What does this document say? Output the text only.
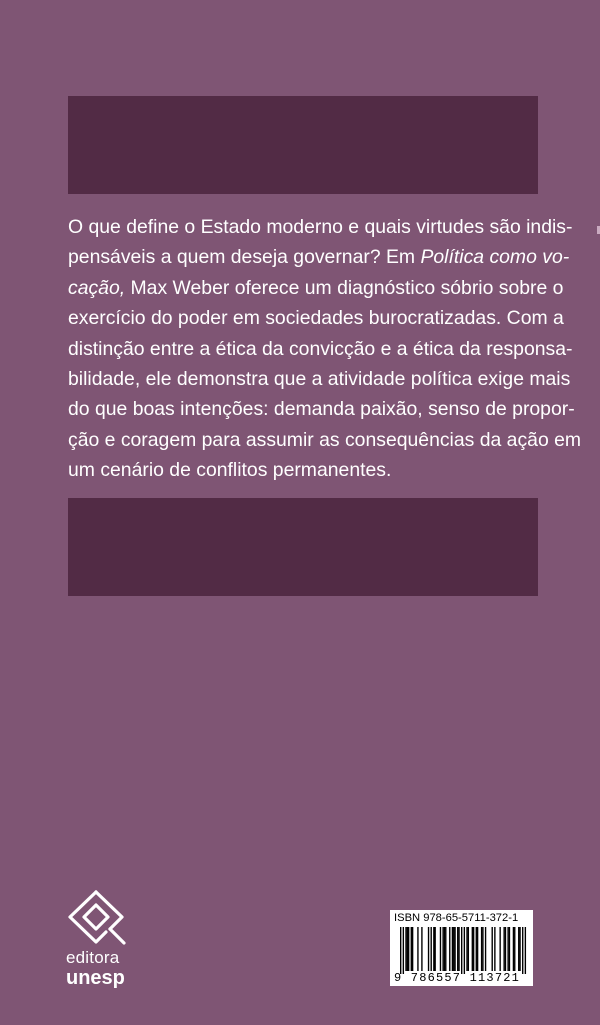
O que define o Estado moderno e quais virtudes são indis-
pensáveis a quem deseja governar? Em Política como vo-
cação, Max Weber oferece um diagnóstico sóbrio sobre o
exercício do poder em sociedades burocratizadas. Com a
distinção entre a ética da convicção e a ética da responsa-
bilidade, ele demonstra que a atividade política exige mais
do que boas intenções: demanda paixão, senso de propor-
ção e coragem para assumir as consequências da ação em
um cenário de conflitos permanentes.

editora
unesp
ISBN 978-65-5711-372-1
9 786557 113721
